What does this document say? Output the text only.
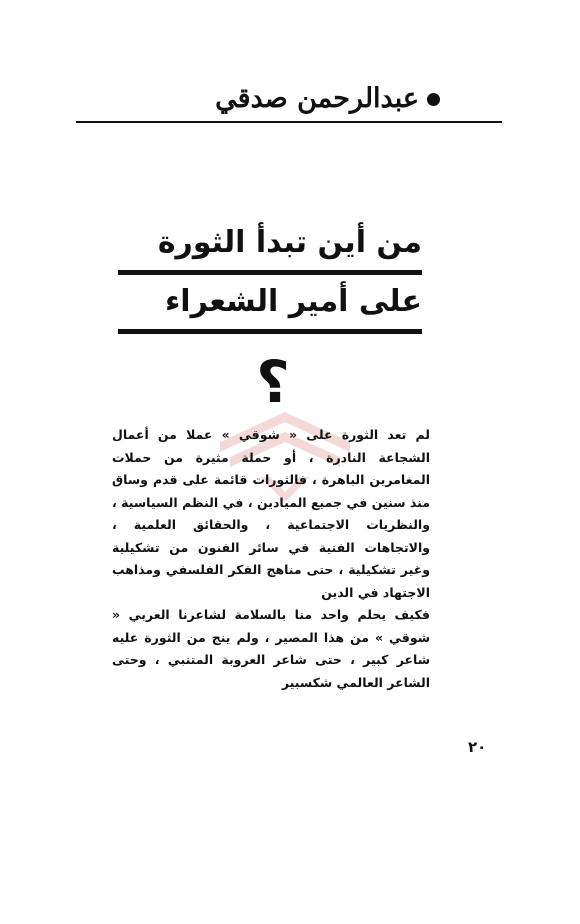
عبدالرحمن صدقي
من أين تبدأ الثورة
على أمير الشعراء
؟

لم تعد الثورة على « شوقي » عملا من أعمال الشجاعة النادرة ، أو حملة مثيرة من حملات المغامرين الباهرة ، فالثورات قائمة على قدم وساق منذ سنين في جميع الميادين ، في النظم السياسية ، والنظريات الاجتماعية ، والحقائق العلمية ، والاتجاهات الفنية في سائر الفنون من تشكيلية وغير تشكيلية ، حتى مناهج الفكر الفلسفي ومذاهب الاجتهاد في الدين

فكيف يحلم واحد منا بالسلامة لشاعرنا العربي « شوقي » من هذا المصير ، ولم ينج من الثورة عليه شاعر كبير ، حتى شاعر العروبة المتنبي ، وحتى الشاعر العالمي شكسبير

٢٠
